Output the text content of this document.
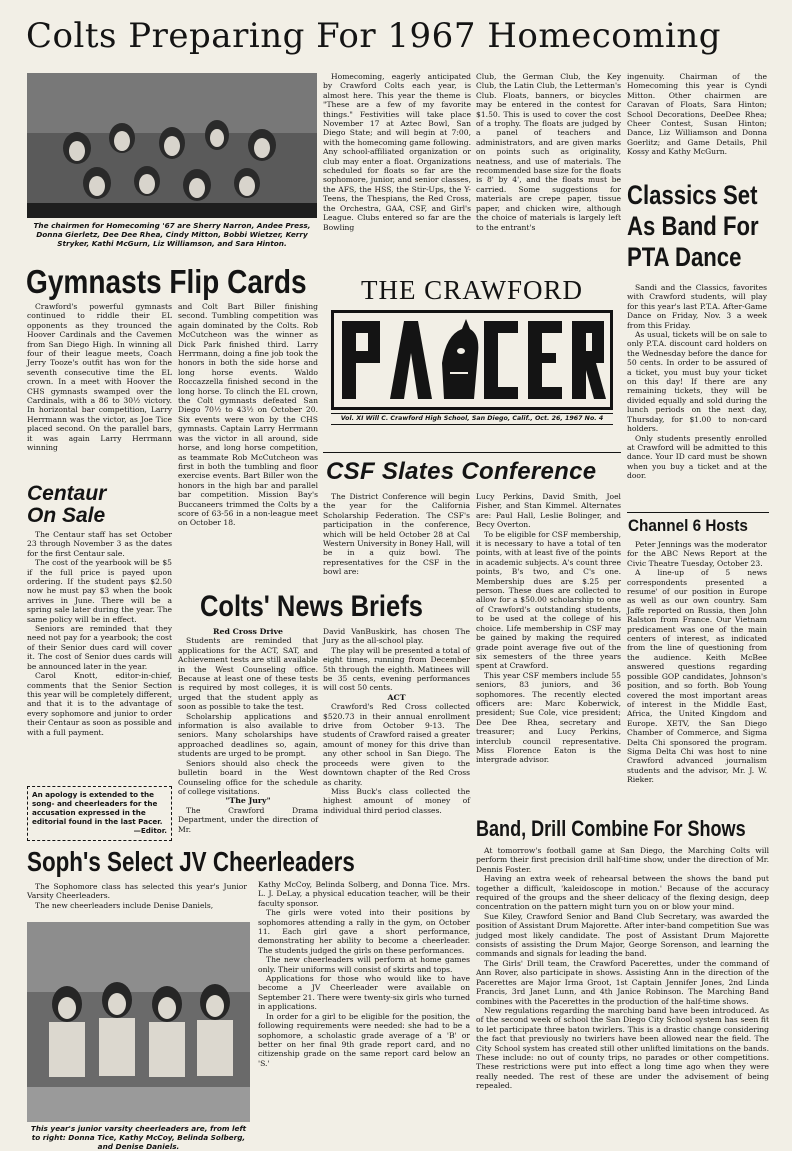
Colts Preparing For 1967 Homecoming
The chairmen for Homecoming '67 are Sherry Narron, Andee Press, Donna Gierletz, Dee Dee Rhea, Cindy Mitton, Bobbi Wietzer, Kerry Stryker, Kathi McGurn, Liz Williamson, and Sara Hinton.

Homecoming, eagerly anticipated by Crawford Colts each year, is almost here. This year the theme is "These are a few of my favorite things." Festivities will take place November 17 at Aztec Bowl, San Diego State; and will begin at 7:00, with the homecoming game following. Any school-affiliated organization or club may enter a float. Organizations scheduled for floats so far are the sophomore, junior, and senior classes, the AFS, the HSS, the Stir-Ups, the Y-Teens, the Thespians, the Red Cross, the Orchestra, GAA, CSF, and Girl's League. Clubs entered so far are the Bowling

Club, the German Club, the Key Club, the Latin Club, the Letterman's Club. Floats, banners, or bicycles may be entered in the contest for $1.50. This is used to cover the cost of a trophy. The floats are judged by a panel of teachers and administrators, and are given marks on points such as originality, neatness, and use of materials. The recommended base size for the floats is 8' by 4', and the floats must be carried. Some suggestions for materials are crepe paper, tissue paper, and chicken wire, although the choice of materials is largely left to the entrant's

ingenuity. Chairman of the Homecoming this year is Cyndi Mitton. Other chairmen are Caravan of Floats, Sara Hinton; School Decorations, DeeDee Rhea; Cheer Contest, Susan Hinton; Dance, Liz Williamson and Donna Goerlitz; and Game Details, Phil Kossy and Kathy McGurn.

Classics Set
As Band For
PTA Dance

Sandi and the Classics, favorites with Crawford students, will play for this year's last P.T.A. After-Game Dance on Friday, Nov. 3 a week from this Friday.

As usual, tickets will be on sale to only P.T.A. discount card holders on the Wednesday before the dance for 50 cents. In order to be assured of a ticket, you must buy your ticket on this day! If there are any remaining tickets, they will be divided equally and sold during the lunch periods on the next day, Thursday, for $1.00 to non-card holders.

Only students presently enrolled at Crawford will be admitted to this dance. Your ID card must be shown when you buy a ticket and at the door.

Gymnasts Flip Cards

Crawford's powerful gymnasts continued to riddle their EL opponents as they trounced the Hoover Cardinals and the Cavemen from San Diego High. In winning all four of their league meets, Coach Jerry Tooze's outfit has won for the seventh consecutive time the EL crown. In a meet with Hoover the CHS gymnasts swamped over the Cardinals, with a 86 to 30½ victory. In horizontal bar competition, Larry Herrmann was the victor, as Joe Tice placed second. On the parallel bars, it was again Larry Herrmann winning

and Colt Bart Biller finishing second. Tumbling competition was again dominated by the Colts. Rob McCutcheon was the winner as Dick Park finished third. Larry Herrmann, doing a fine job took the honors in both the side horse and long horse events. Waldo Roccazzella finished second in the long horse. To clinch the EL crown, the Colt gymnasts defeated San Diego 70½ to 43½ on October 20. Six events were won by the CHS gymnasts. Captain Larry Herrmann was the victor in all around, side horse, and long horse competition, as teammate Rob McCutcheon was first in both the tumbling and floor exercise events. Bart Biller won the honors in the high bar and parallel bar competition. Mission Bay's Buccaneers trimmed the Colts by a score of 63-56 in a non-league meet on October 18.

THE CRAWFORD
Vol. XI Will C. Crawford High School, San Diego, Calif., Oct. 26, 1967 No. 4
Centaur
On Sale

The Centaur staff has set October 23 through November 3 as the dates for the first Centaur sale.

The cost of the yearbook will be $5 if the full price is payed upon ordering. If the student pays $2.50 now he must pay $3 when the book arrives in June. There will be a spring sale later during the year. The same policy will be in effect.

Seniors are reminded that they need not pay for a yearbook; the cost of their Senior dues card will cover it. The cost of Senior dues cards will be announced later in the year.

Carol Knott, editor-in-chief, comments that the Senior Section this year will be completely different, and that it is to the advantage of every sophomore and junior to order their Centaur as soon as possible and with a full payment.

An apology is extended to the song- and cheerleaders for the accusation expressed in the editorial found in the last Pacer.
—Editor.
CSF Slates Conference

The District Conference will begin the year for the California Scholarship Federation. The CSF's participation in the conference, which will be held October 28 at Cal Western University in Boney Hall, will be in a quiz bowl. The representatives for the CSF in the bowl are:

Lucy Perkins, David Smith, Joel Fisher, and Stan Kimmel. Alternates are: Paul Hall, Leslie Bolinger, and Becy Overton.

To be eligible for CSF membership, it is necessary to have a total of ten points, with at least five of the points in academic subjects. A's count three points, B's two, and C's one. Membership dues are $.25 per person. These dues are collected to allow for a $50.00 scholarship to one of Crawford's outstanding students, to be used at the college of his choice. Life membership in CSF may be gained by making the required grade point average five out of the six semesters of the three years spent at Crawford.

This year CSF members include 55 seniors, 83 juniors, and 36 sophomores. The recently elected officers are: Marc Koberwick, president; Sue Cole, vice president; Dee Dee Rhea, secretary and treasurer; and Lucy Perkins, interclub council representative. Miss Florence Eaton is the intergrade advisor.

Channel 6 Hosts

Peter Jennings was the moderator for the ABC News Report at the Civic Theatre Tuesday, October 23.

A line-up of 5 news correspondents presented a resume' of our position in Europe as well as our own country. Sam Jaffe reported on Russia, then John Ralston from France. Our Vietnam predicament was one of the main centers of interest, as indicated from the line of questioning from the audience. Keith McBee answered questions regarding possible GOP candidates, Johnson's position, and so forth. Bob Young covered the most important areas of interest in the Middle East, Africa, the United Kingdom and Europe. XETV, the San Diego Chamber of Commerce, and Sigma Delta Chi sponsored the program. Sigma Delta Chi was host to nine Crawford advanced journalism students and the advisor, Mr. J. W. Rieker.

Colts' News Briefs

Red Cross Drive

Students are reminded that applications for the ACT, SAT, and Achievement tests are still available in the West Counseling office. Because at least one of these tests is required by most colleges, it is urged that the student apply as soon as possible to take the test.

Scholarship applications and information is also available to seniors. Many scholarships have approached deadlines so, again, students are urged to be prompt.

Seniors should also check the bulletin board in the West Counseling office for the schedule of college visitations.

"The Jury"

The Crawford Drama Department, under the direction of Mr.

David VanBuskirk, has chosen The Jury as the all-school play.

The play will be presented a total of eight times, running from December 5th through the eighth. Matinees will be 35 cents, evening performances will cost 50 cents.

ACT

Crawford's Red Cross collected $520.73 in their annual enrollment drive from October 9-13. The students of Crawford raised a greater amount of money for this drive than any other school in San Diego. The proceeds were given to the downtown chapter of the Red Cross as charity.

Miss Buck's class collected the highest amount of money of individual third period classes.

Soph's Select JV Cheerleaders

The Sophomore class has selected this year's Junior Varsity Cheerleaders.

The new cheerleaders include Denise Daniels,

This year's junior varsity cheerleaders are, from left to right: Donna Tice, Kathy McCoy, Belinda Solberg, and Denise Daniels.

Kathy McCoy, Belinda Solberg, and Donna Tice. Mrs. L. J. DeLay, a physical education teacher, will be their faculty sponsor.

The girls were voted into their positions by sophomores attending a rally in the gym, on October 11. Each girl gave a short performance, demonstrating her ability to become a cheerleader. The students judged the girls on these performances.

The new cheerleaders will perform at home games only. Their uniforms will consist of skirts and tops.

Applications for those who would like to have become a JV Cheerleader were available on September 21. There were twenty-six girls who turned in applications.

In order for a girl to be eligible for the position, the following requirements were needed: she had to be a sophomore, a scholastic grade average of a 'B' or better on her final 9th grade report card, and no citizenship grade on the same report card below an 'S.'

Band, Drill Combine For Shows

At tomorrow's football game at San Diego, the Marching Colts will perform their first precision drill half-time show, under the direction of Mr. Dennis Foster.

Having an extra week of rehearsal between the shows the band put together a difficult, 'kaleidoscope in motion.' Because of the accuracy required of the groups and the sheer delicacy of the flexing design, deep concentration on the pattern might turn you on or blow your mind.

Sue Kiley, Crawford Senior and Band Club Secretary, was awarded the position of Assistant Drum Majorette. After inter-band competition Sue was judged most likely candidate. The post of Assistant Drum Majorette consists of assisting the Drum Major, George Sorenson, and learning the commands and signals for leading the band.

The Girls' Drill team, the Crawford Pacerettes, under the command of Ann Rover, also participate in shows. Assisting Ann in the direction of the Pacerettes are Major Irma Groot, 1st Captain Jennifer Jones, 2nd Linda Francis, 3rd Janet Lunn, and 4th Janice Robinson. The Marching Band combines with the Pacerettes in the production of the half-time shows.

New regulations regarding the marching band have been introduced. As of the second week of school the San Diego City School system has seen fit to let participate three baton twirlers. This is a drastic change considering the fact that previously no twirlers have been allowed near the field. The City School system has created still other unlifted limitations on the bands. These include: no out of county trips, no parades or other competitions. These restrictions were put into effect a long time ago when they were really needed. The rest of these are under the advisement of being repealed.
